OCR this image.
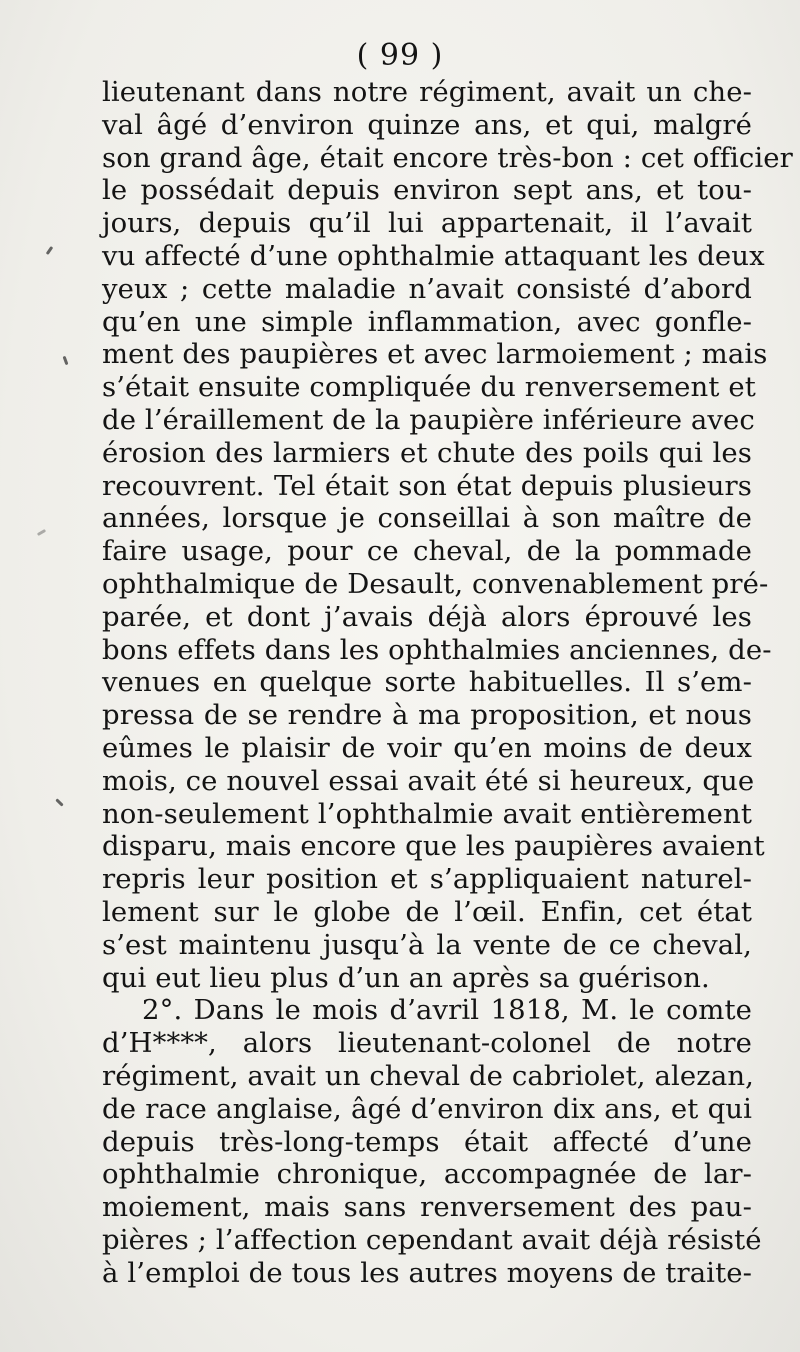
( 99 )
lieutenant dans notre régiment, avait un che-
val âgé d’environ quinze ans, et qui, malgré
son grand âge, était encore très-bon : cet officier
le possédait depuis environ sept ans, et tou-
jours, depuis qu’il lui appartenait, il l’avait
vu affecté d’une ophthalmie attaquant les deux
yeux ; cette maladie n’avait consisté d’abord
qu’en une simple inflammation, avec gonfle-
ment des paupières et avec larmoiement ; mais
s’était ensuite compliquée du renversement et
de l’éraillement de la paupière inférieure avec
érosion des larmiers et chute des poils qui les
recouvrent. Tel était son état depuis plusieurs
années, lorsque je conseillai à son maître de
faire usage, pour ce cheval, de la pommade
ophthalmique de Desault, convenablement pré-
parée, et dont j’avais déjà alors éprouvé les
bons effets dans les ophthalmies anciennes, de-
venues en quelque sorte habituelles. Il s’em-
pressa de se rendre à ma proposition, et nous
eûmes le plaisir de voir qu’en moins de deux
mois, ce nouvel essai avait été si heureux, que
non-seulement l’ophthalmie avait entièrement
disparu, mais encore que les paupières avaient
repris leur position et s’appliquaient naturel-
lement sur le globe de l’œil. Enfin, cet état
s’est maintenu jusqu’à la vente de ce cheval,
qui eut lieu plus d’un an après sa guérison.
2°. Dans le mois d’avril 1818, M. le comte
d’H****, alors lieutenant-colonel de notre
régiment, avait un cheval de cabriolet, alezan,
de race anglaise, âgé d’environ dix ans, et qui
depuis très-long-temps était affecté d’une
ophthalmie chronique, accompagnée de lar-
moiement, mais sans renversement des pau-
pières ; l’affection cependant avait déjà résisté
à l’emploi de tous les autres moyens de traite-
